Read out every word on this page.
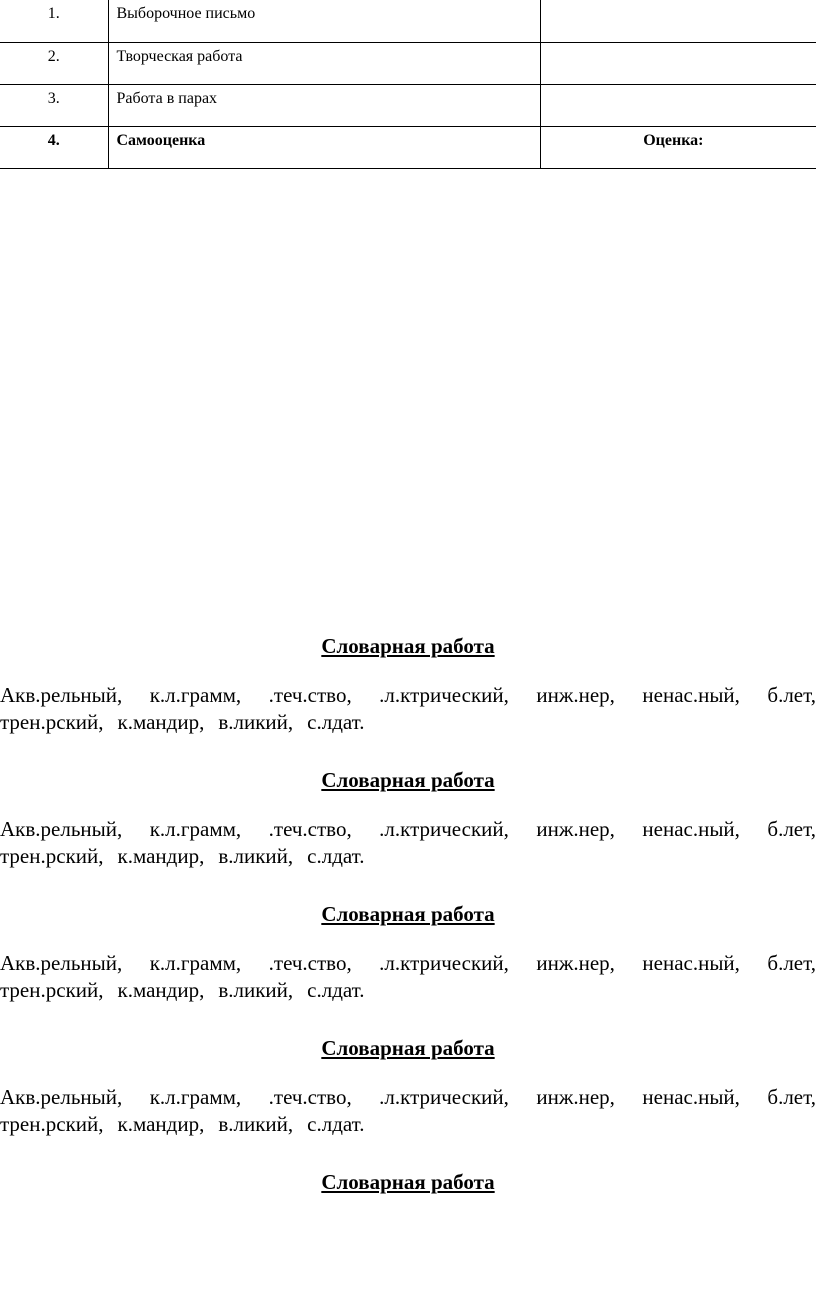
1.	Выборочное письмо	
2.	Творческая работа	
3.	Работа в парах	
4.	Самооценка	Оценка:
Словарная работа
Акв.рельный, к.л.грамм, .теч.ство, .л.ктрический, инж.нер, ненас.ный, б.лет,
трен.рский, к.мандир, в.ликий, с.лдат.
Словарная работа
Акв.рельный, к.л.грамм, .теч.ство, .л.ктрический, инж.нер, ненас.ный, б.лет,
трен.рский, к.мандир, в.ликий, с.лдат.
Словарная работа
Акв.рельный, к.л.грамм, .теч.ство, .л.ктрический, инж.нер, ненас.ный, б.лет,
трен.рский, к.мандир, в.ликий, с.лдат.
Словарная работа
Акв.рельный, к.л.грамм, .теч.ство, .л.ктрический, инж.нер, ненас.ный, б.лет,
трен.рский, к.мандир, в.ликий, с.лдат.
Словарная работа
